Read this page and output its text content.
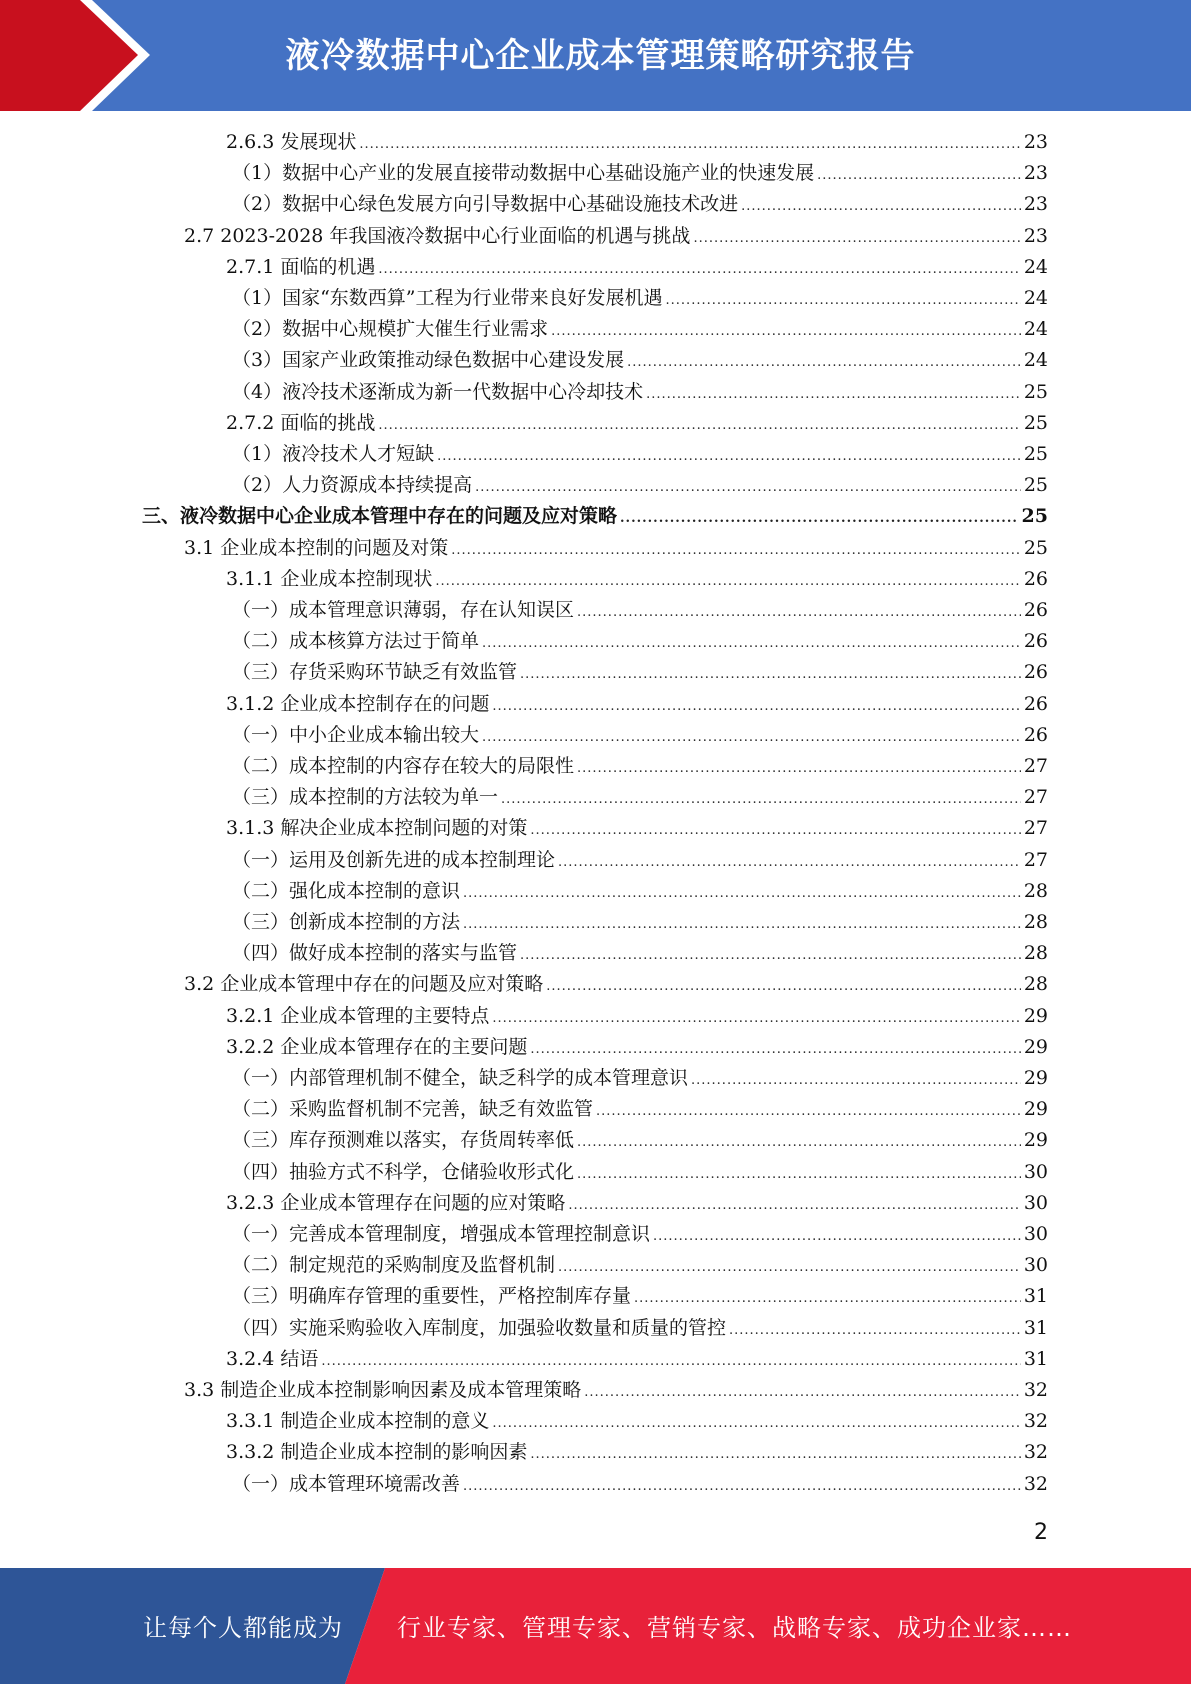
液冷数据中心企业成本管理策略研究报告
2.6.3 发展现状 .....	23
（1）数据中心产业的发展直接带动数据中心基础设施产业的快速发展 .....	23
（2）数据中心绿色发展方向引导数据中心基础设施技术改进 .....	23
2.7 2023-2028 年我国液冷数据中心行业面临的机遇与挑战 .....	23
2.7.1 面临的机遇 .....	24
（1）国家“东数西算”工程为行业带来良好发展机遇 .....	24
（2）数据中心规模扩大催生行业需求 .....	24
（3）国家产业政策推动绿色数据中心建设发展 .....	24
（4）液冷技术逐渐成为新一代数据中心冷却技术 .....	25
2.7.2 面临的挑战 .....	25
（1）液冷技术人才短缺 .....	25
（2）人力资源成本持续提高 .....	25
三、液冷数据中心企业成本管理中存在的问题及应对策略 .....	25
3.1 企业成本控制的问题及对策 .....	25
3.1.1 企业成本控制现状 .....	26
（一）成本管理意识薄弱，存在认知误区 .....	26
（二）成本核算方法过于简单 .....	26
（三）存货采购环节缺乏有效监管 .....	26
3.1.2 企业成本控制存在的问题 .....	26
（一）中小企业成本输出较大 .....	26
（二）成本控制的内容存在较大的局限性 .....	27
（三）成本控制的方法较为单一 .....	27
3.1.3 解决企业成本控制问题的对策 .....	27
（一）运用及创新先进的成本控制理论 .....	27
（二）强化成本控制的意识 .....	28
（三）创新成本控制的方法 .....	28
（四）做好成本控制的落实与监管 .....	28
3.2 企业成本管理中存在的问题及应对策略 .....	28
3.2.1 企业成本管理的主要特点 .....	29
3.2.2 企业成本管理存在的主要问题 .....	29
（一）内部管理机制不健全，缺乏科学的成本管理意识 .....	29
（二）采购监督机制不完善，缺乏有效监管 .....	29
（三）库存预测难以落实，存货周转率低 .....	29
（四）抽验方式不科学，仓储验收形式化 .....	30
3.2.3 企业成本管理存在问题的应对策略 .....	30
（一）完善成本管理制度，增强成本管理控制意识 .....	30
（二）制定规范的采购制度及监督机制 .....	30
（三）明确库存管理的重要性，严格控制库存量 .....	31
（四）实施采购验收入库制度，加强验收数量和质量的管控 .....	31
3.2.4 结语 .....	31
3.3 制造企业成本控制影响因素及成本管理策略 .....	32
3.3.1 制造企业成本控制的意义 .....	32
3.3.2 制造企业成本控制的影响因素 .....	32
（一）成本管理环境需改善 .....	32
2
让每个人都能成为 行业专家、管理专家、营销专家、战略专家、成功企业家……
